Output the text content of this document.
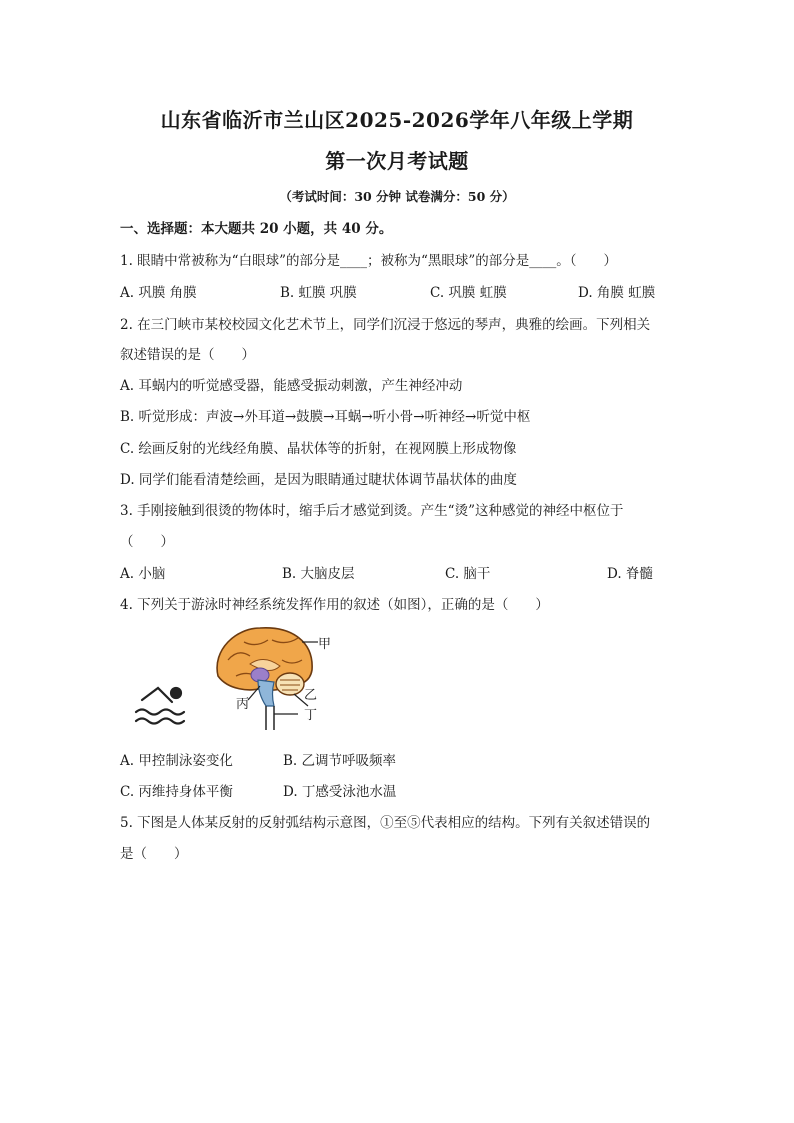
山东省临沂市兰山区2025-2026学年八年级上学期
第一次月考试题
（考试时间：30 分钟 试卷满分：50 分）
一、选择题：本大题共 20 小题，共 40 分。
1. 眼睛中常被称为“白眼球”的部分是____；被称为“黑眼球”的部分是____。（　　）
A. 巩膜 角膜	B. 虹膜 巩膜	C. 巩膜 虹膜	D. 角膜 虹膜
2. 在三门峡市某校校园文化艺术节上，同学们沉浸于悠远的琴声，典雅的绘画。下列相关
叙述错误的是（　　）
A. 耳蜗内的听觉感受器，能感受振动刺激，产生神经冲动
B. 听觉形成：声波→外耳道→鼓膜→耳蜗→听小骨→听神经→听觉中枢
C. 绘画反射的光线经角膜、晶状体等的折射，在视网膜上形成物像
D. 同学们能看清楚绘画，是因为眼睛通过睫状体调节晶状体的曲度
3. 手刚接触到很烫的物体时，缩手后才感觉到烫。产生“烫”这种感觉的神经中枢位于
（　　）
A. 小脑	B. 大脑皮层	C. 脑干	D. 脊髓
4. 下列关于游泳时神经系统发挥作用的叙述（如图），正确的是（　　）
甲
乙
丙
丁
A. 甲控制泳姿变化	B. 乙调节呼吸频率
C. 丙维持身体平衡	D. 丁感受泳池水温
5. 下图是人体某反射的反射弧结构示意图，①至⑤代表相应的结构。下列有关叙述错误的
是（　　）
